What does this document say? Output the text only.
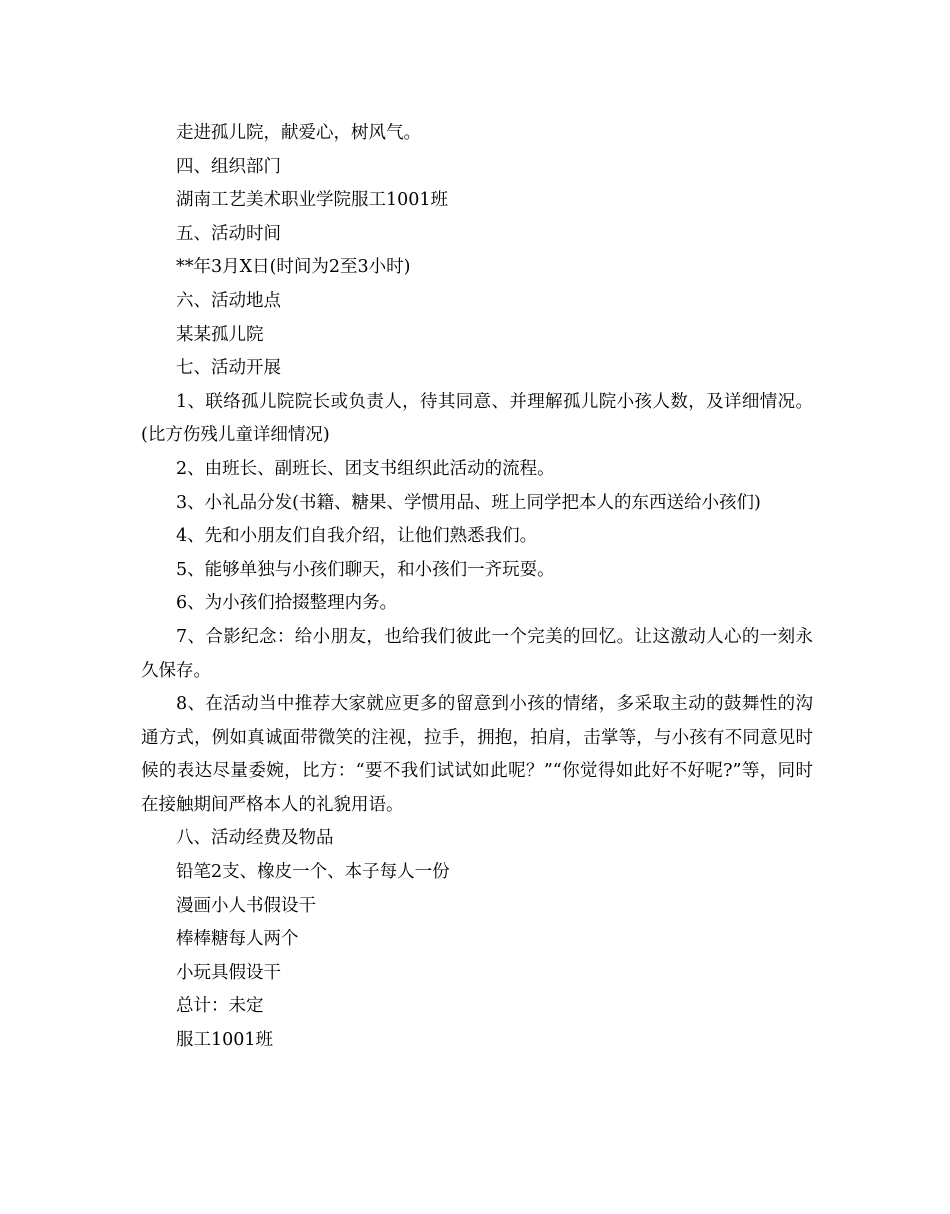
走进孤儿院，献爱心，树风气。

四、组织部门

湖南工艺美术职业学院服工1001班

五、活动时间

**年3月X日(时间为2至3小时)

六、活动地点

某某孤儿院

七、活动开展

1、联络孤儿院院长或负责人，待其同意、并理解孤儿院小孩人数，及详细情况。(比方伤残儿童详细情况)

2、由班长、副班长、团支书组织此活动的流程。

3、小礼品分发(书籍、糖果、学惯用品、班上同学把本人的东西送给小孩们)

4、先和小朋友们自我介绍，让他们熟悉我们。

5、能够单独与小孩们聊天，和小孩们一齐玩耍。

6、为小孩们拾掇整理内务。

7、合影纪念：给小朋友，也给我们彼此一个完美的回忆。让这激动人心的一刻永久保存。

8、在活动当中推荐大家就应更多的留意到小孩的情绪，多采取主动的鼓舞性的沟通方式，例如真诚面带微笑的注视，拉手，拥抱，拍肩，击掌等，与小孩有不同意见时候的表达尽量委婉，比方：“要不我们试试如此呢？”“你觉得如此好不好呢?”等，同时在接触期间严格本人的礼貌用语。

八、活动经费及物品

铅笔2支、橡皮一个、本子每人一份

漫画小人书假设干

棒棒糖每人两个

小玩具假设干

总计：未定

服工1001班
